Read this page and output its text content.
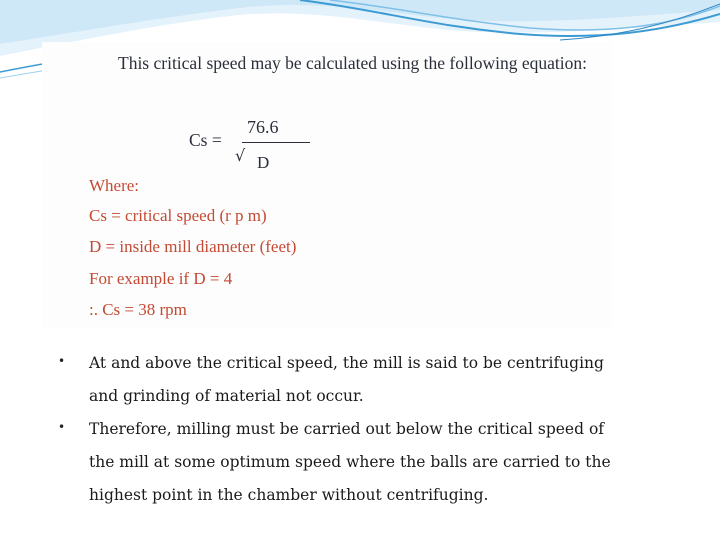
This critical speed may be calculated using the following equation:
Cs =
76.6
√ D
Where:
Cs = critical speed (r p m)
D = inside mill diameter (feet)
For example if D = 4
:. Cs = 38 rpm
• At and above the critical speed, the mill is said to be centrifuging
and grinding of material not occur.
• Therefore, milling must be carried out below the critical speed of
the mill at some optimum speed where the balls are carried to the
highest point in the chamber without centrifuging.
